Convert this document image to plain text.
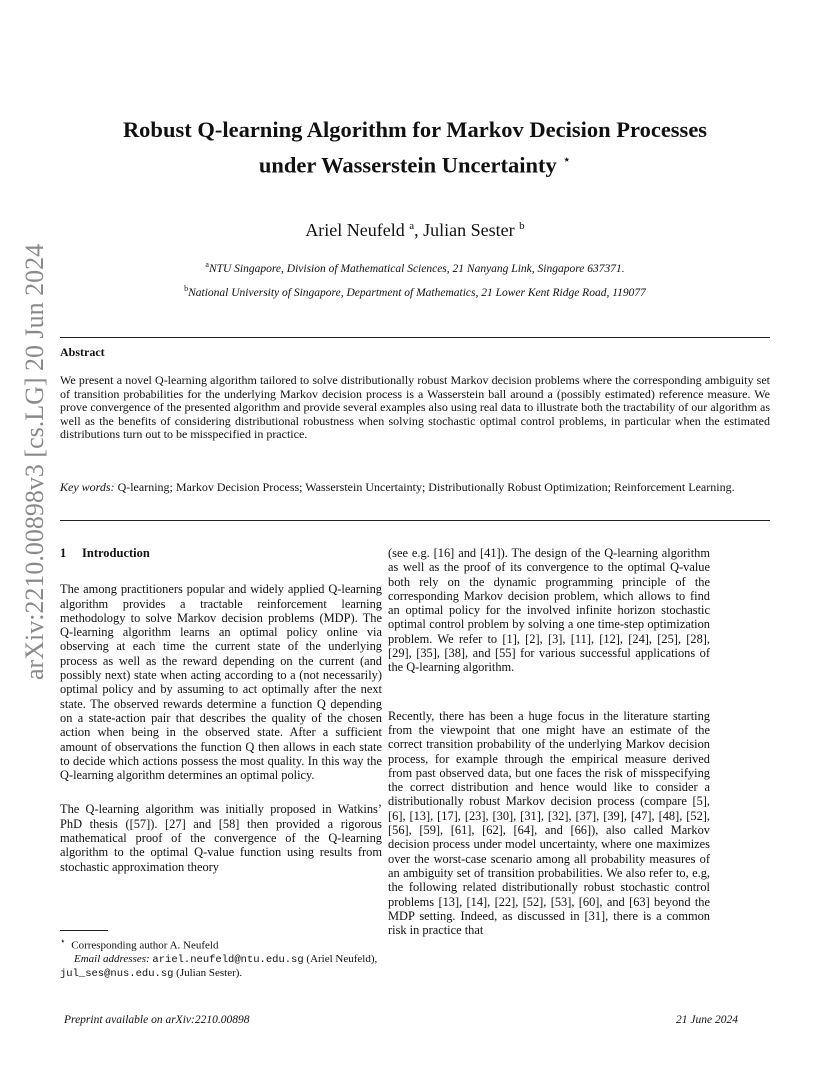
arXiv:2210.00898v3 [cs.LG] 20 Jun 2024
Robust Q-learning Algorithm for Markov Decision Processes
under Wasserstein Uncertainty ⋆
Ariel Neufeld $^a$, Julian Sester $^b$
$^a$NTU Singapore, Division of Mathematical Sciences, 21 Nanyang Link, Singapore 637371.
$^b$National University of Singapore, Department of Mathematics, 21 Lower Kent Ridge Road, 119077
Abstract

We present a novel Q-learning algorithm tailored to solve distributionally robust Markov decision problems where the corresponding ambiguity set of transition probabilities for the underlying Markov decision process is a Wasserstein ball around a (possibly estimated) reference measure. We prove convergence of the presented algorithm and provide several examples also using real data to illustrate both the tractability of our algorithm as well as the benefits of considering distributional robustness when solving stochastic optimal control problems, in particular when the estimated distributions turn out to be misspecified in practice.

Key words: Q-learning; Markov Decision Process; Wasserstein Uncertainty; Distributionally Robust Optimization; Reinforcement Learning.

1 Introduction

The among practitioners popular and widely applied Q-learning algorithm provides a tractable reinforcement learning methodology to solve Markov decision problems (MDP). The Q-learning algorithm learns an optimal policy online via observing at each time the current state of the underlying process as well as the reward depending on the current (and possibly next) state when acting according to a (not necessarily) optimal policy and by assuming to act optimally after the next state. The observed rewards determine a function Q depending on a state-action pair that describes the quality of the chosen action when being in the observed state. After a sufficient amount of observations the function Q then allows in each state to decide which actions possess the most quality. In this way the Q-learning algorithm determines an optimal policy.

The Q-learning algorithm was initially proposed in Watkins’ PhD thesis ([57]). [27] and [58] then provided a rigorous mathematical proof of the convergence of the Q-learning algorithm to the optimal Q-value function using results from stochastic approximation theory

(see e.g. [16] and [41]). The design of the Q-learning algorithm as well as the proof of its convergence to the optimal Q-value both rely on the dynamic programming principle of the corresponding Markov decision problem, which allows to find an optimal policy for the involved infinite horizon stochastic optimal control problem by solving a one time-step optimization problem. We refer to [1], [2], [3], [11], [12], [24], [25], [28], [29], [35], [38], and [55] for various successful applications of the Q-learning algorithm.

Recently, there has been a huge focus in the literature starting from the viewpoint that one might have an estimate of the correct transition probability of the underlying Markov decision process, for example through the empirical measure derived from past observed data, but one faces the risk of misspecifying the correct distribution and hence would like to consider a distributionally robust Markov decision process (compare [5], [6], [13], [17], [23], [30], [31], [32], [37], [39], [47], [48], [52], [56], [59], [61], [62], [64], and [66]), also called Markov decision process under model uncertainty, where one maximizes over the worst-case scenario among all probability measures of an ambiguity set of transition probabilities. We also refer to, e.g, the following related distributionally robust stochastic control problems [13], [14], [22], [52], [53], [60], and [63] beyond the MDP setting. Indeed, as discussed in [31], there is a common risk in practice that

⋆ Corresponding author A. Neufeld

Email addresses: ariel.neufeld@ntu.edu.sg (Ariel Neufeld), jul_ses@nus.edu.sg (Julian Sester).

Preprint available on arXiv:2210.00898	21 June 2024
